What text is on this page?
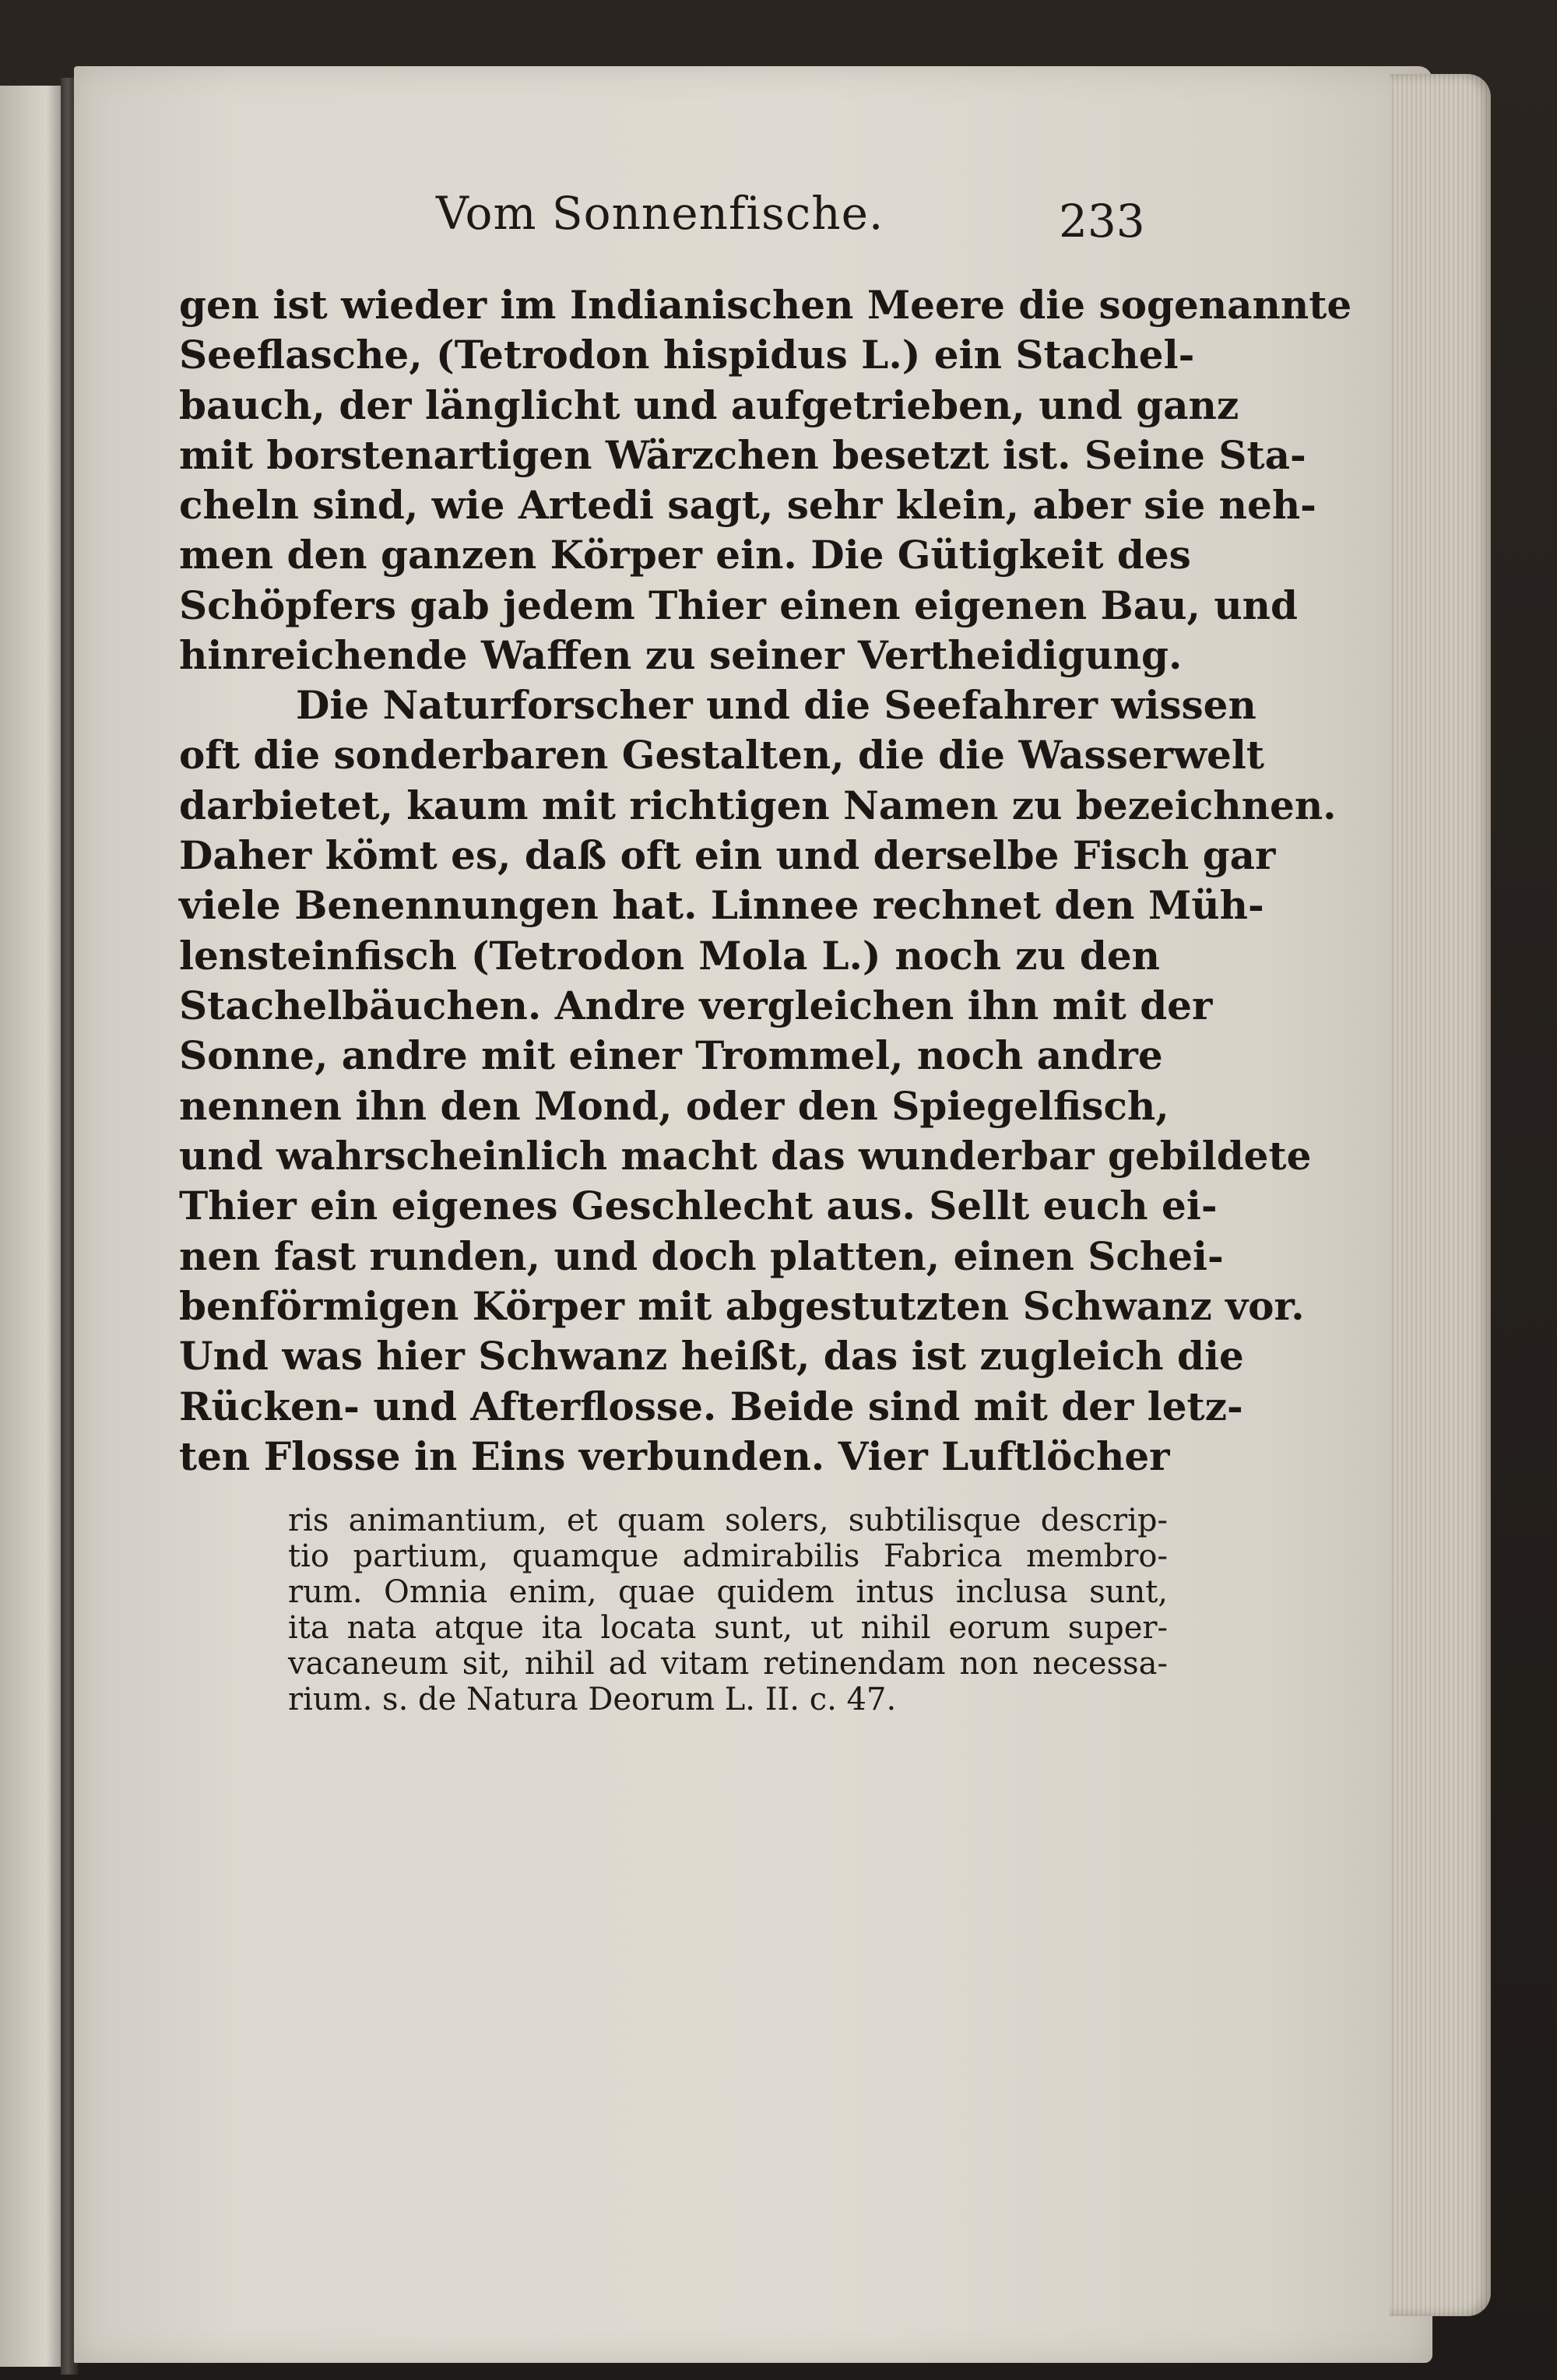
Vom Sonnenfische.	233
gen ist wieder im Indianischen Meere die sogenannte
Seeflasche, (Tetrodon hispidus L.) ein Stachel-
bauch, der länglicht und aufgetrieben, und ganz
mit borstenartigen Wärzchen besetzt ist. Seine Sta-
cheln sind, wie Artedi sagt, sehr klein, aber sie neh-
men den ganzen Körper ein. Die Gütigkeit des
Schöpfers gab jedem Thier einen eigenen Bau, und
hinreichende Waffen zu seiner Vertheidigung.
Die Naturforscher und die Seefahrer wissen
oft die sonderbaren Gestalten, die die Wasserwelt
darbietet, kaum mit richtigen Namen zu bezeichnen.
Daher kömt es, daß oft ein und derselbe Fisch gar
viele Benennungen hat. Linnee rechnet den Müh-
lensteinfisch (Tetrodon Mola L.) noch zu den
Stachelbäuchen. Andre vergleichen ihn mit der
Sonne, andre mit einer Trommel, noch andre
nennen ihn den Mond, oder den Spiegelfisch,
und wahrscheinlich macht das wunderbar gebildete
Thier ein eigenes Geschlecht aus. Sellt euch ei-
nen fast runden, und doch platten, einen Schei-
benförmigen Körper mit abgestutzten Schwanz vor.
Und was hier Schwanz heißt, das ist zugleich die
Rücken- und Afterflosse. Beide sind mit der letz-
ten Flosse in Eins verbunden. Vier Luftlöcher
ris animantium, et quam solers, subtilisque descrip-
tio partium, quamque admirabilis Fabrica membro-
rum. Omnia enim, quae quidem intus inclusa sunt,
ita nata atque ita locata sunt, ut nihil eorum super-
vacaneum sit, nihil ad vitam retinendam non necessa-
rium. s. de Natura Deorum L. II. c. 47.
